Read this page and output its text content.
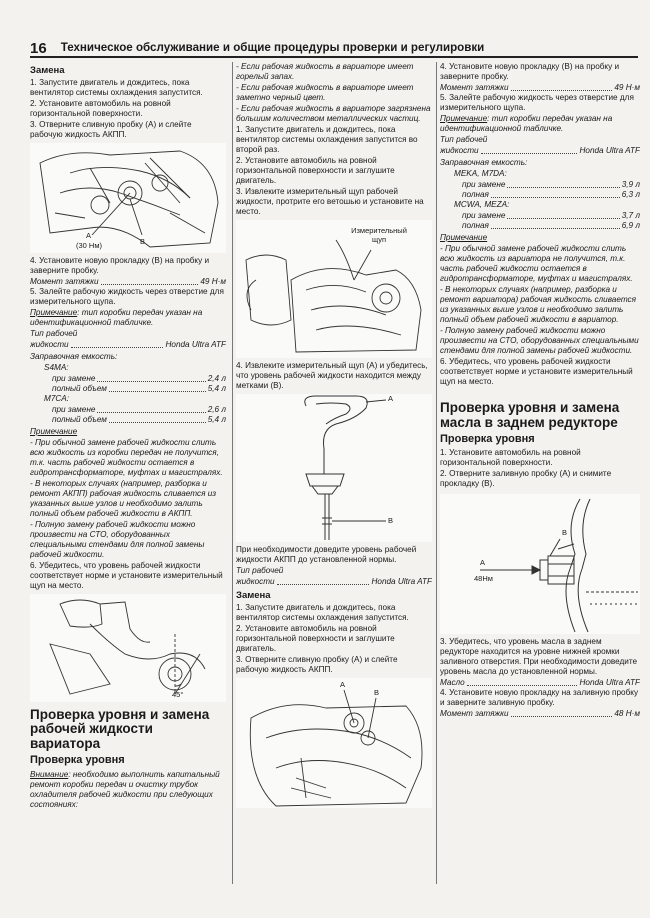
16 Техническое обслуживание и общие процедуры проверки и регулировки
Замена

1. Запустите двигатель и дождитесь, пока вентилятор системы охлаждения запустится.

2. Установите автомобиль на ровной горизонтальной поверхности.

3. Отверните сливную пробку (А) и слейте рабочую жидкость АКПП.

A
(30 Нм)	B

4. Установите новую прокладку (В) на пробку и заверните пробку.

Момент затяжки	49 Н·м

5. Залейте рабочую жидкость через отверстие для измерительного щупа.

Примечание: тип коробки передач указан на идентификационной табличке.

Тип рабочей

жидкости	Honda Ultra ATF

Заправочная емкость:

S4MA:

при замене	2,4 л
полный объем	5,4 л

M7CA:

при замене	2,6 л
полный объем	5,4 л

Примечание

- При обычной замене рабочей жидкости слить всю жидкость из коробки передач не получится, т.к. часть рабочей жидкости остается в гидротрансформаторе, муфтах и магистралях.

- В некоторых случаях (например, разборка и ремонт АКПП) рабочая жидкость сливается из указанных выше узлов и необходимо залить полный объем рабочей жидкости в АКПП.

- Полную замену рабочей жидкости можно произвести на СТО, оборудованных специальными стендами для полной замены рабочей жидкости.

6. Убедитесь, что уровень рабочей жидкости соответствует норме и установите измерительный щуп на место.

45°
Проверка уровня и замена рабочей жидкости вариатора
Проверка уровня

Внимание: необходимо выполнить капитальный ремонт коробки передач и очистку трубок охладителя рабочей жидкости при следующих состояниях:

- Если рабочая жидкость в вариаторе имеет горелый запах.

- Если рабочая жидкость в вариаторе имеет заметно черный цвет.

- Если рабочая жидкость в вариаторе загрязнена большим количеством металлических частиц.

1. Запустите двигатель и дождитесь, пока вентилятор системы охлаждения запустится во второй раз.

2. Установите автомобиль на ровной горизонтальной поверхности и заглушите двигатель.

3. Извлеките измерительный щуп рабочей жидкости, протрите его ветошью и установите на место.

Измерительный щуп

4. Извлеките измерительный щуп (А) и убедитесь, что уровень рабочей жидкости находится между метками (В).

A
B

При необходимости доведите уровень рабочей жидкости АКПП до установленной нормы.

Тип рабочей

жидкости	Honda Ultra ATF
Замена

1. Запустите двигатель и дождитесь, пока вентилятор системы охлаждения запустится.

2. Установите автомобиль на ровной горизонтальной поверхности и заглушите двигатель.

3. Отверните сливную пробку (А) и слейте рабочую жидкость АКПП.

A
B

4. Установите новую прокладку (В) на пробку и заверните пробку.

Момент затяжки	49 Н·м

5. Залейте рабочую жидкость через отверстие для измерительного щупа.

Примечание: тип коробки передач указан на идентификационной табличке.

Тип рабочей

жидкости	Honda Ultra ATF

Заправочная емкость:

MEKA, M7DA:

при замене	3,9 л
полная	6,3 л

MCWA, MEZA:

при замене	3,7 л
полная	6,9 л

Примечание

- При обычной замене рабочей жидкости слить всю жидкость из вариатора не получится, т.к. часть рабочей жидкости остается в гидротрансформаторе, муфтах и магистралях.

- В некоторых случаях (например, разборка и ремонт вариатора) рабочая жидкость сливается из указанных выше узлов и необходимо залить полный объем рабочей жидкости в вариатор.

- Полную замену рабочей жидкости можно произвести на СТО, оборудованных специальными стендами для полной замены рабочей жидкости.

6. Убедитесь, что уровень рабочей жидкости соответствует норме и установите измерительный щуп на место.

Проверка уровня и замена масла в заднем редукторе
Проверка уровня

1. Установите автомобиль на ровной горизонтальной поверхности.

2. Отверните заливную пробку (А) и снимите прокладку (В).

B
A
48Нм

3. Убедитесь, что уровень масла в заднем редукторе находится на уровне нижней кромки заливного отверстия. При необходимости доведите уровень масла до установленной нормы.

Масло	Honda Ultra ATF

4. Установите новую прокладку на заливную пробку и заверните заливную пробку.

Момент затяжки	48 Н·м
